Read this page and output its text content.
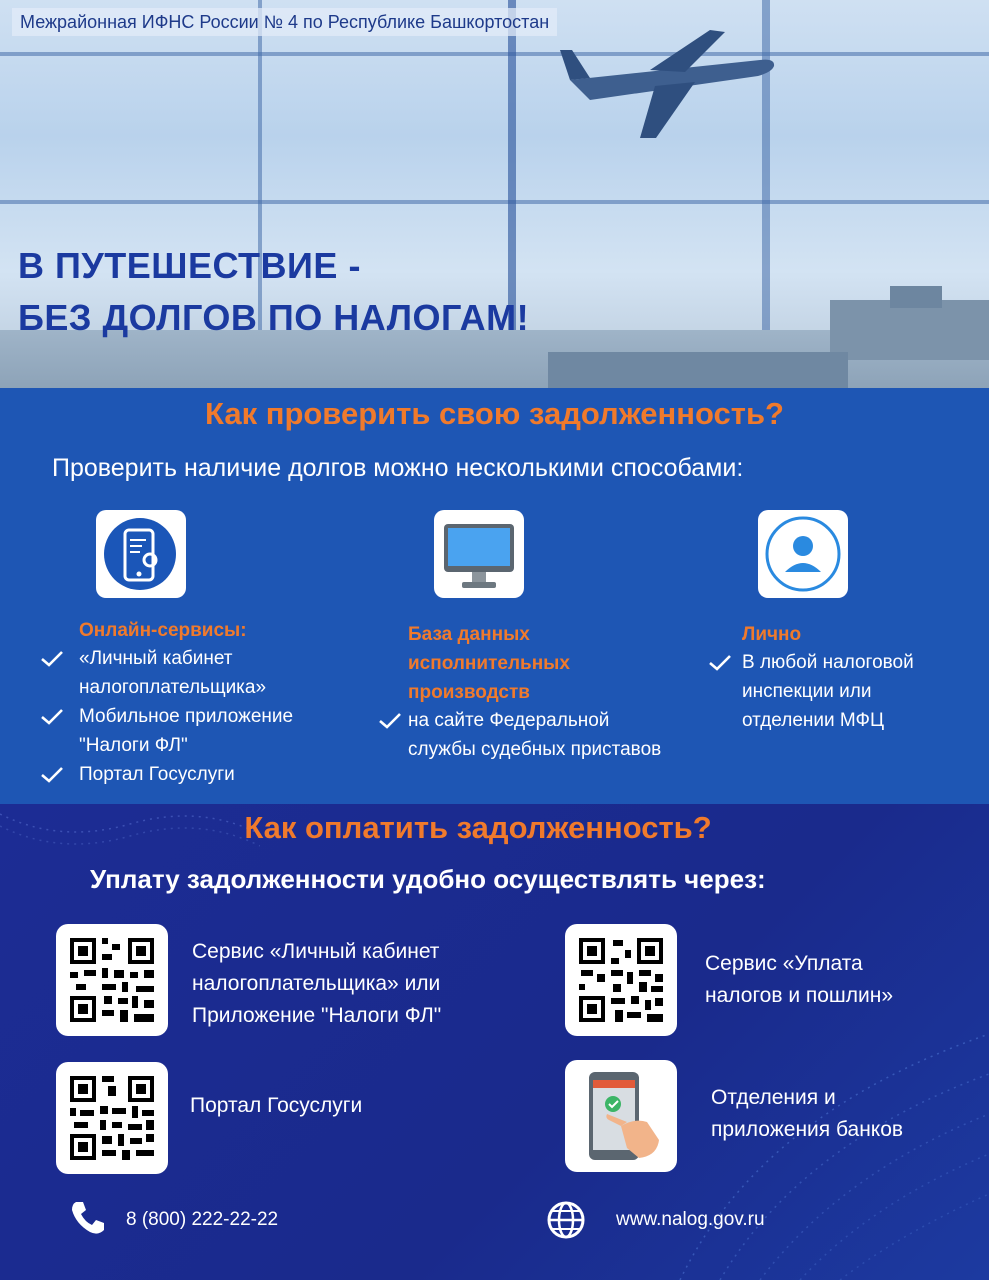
Межрайонная ИФНС России № 4 по Республике Башкортостан
В ПУТЕШЕСТВИЕ -
БЕЗ ДОЛГОВ ПО НАЛОГАМ!
Как проверить свою задолженность?
Проверить наличие долгов можно несколькими способами:
Онлайн-сервисы:
«Личный кабинет
налогоплательщика»
Мобильное приложение
"Налоги ФЛ"
Портал Госуслуги
База данных
исполнительных
производств
на сайте Федеральной
службы судебных приставов
Лично
В любой налоговой
инспекции или
отделении МФЦ
Как оплатить задолженность?
Уплату задолженности удобно осуществлять через:
Сервис «Личный кабинет
налогоплательщика» или
Приложение "Налоги ФЛ"
Сервис «Уплата
налогов и пошлин»
Портал Госуслуги	Отделения и
приложения банков
8 (800) 222-22-22	www.nalog.gov.ru
